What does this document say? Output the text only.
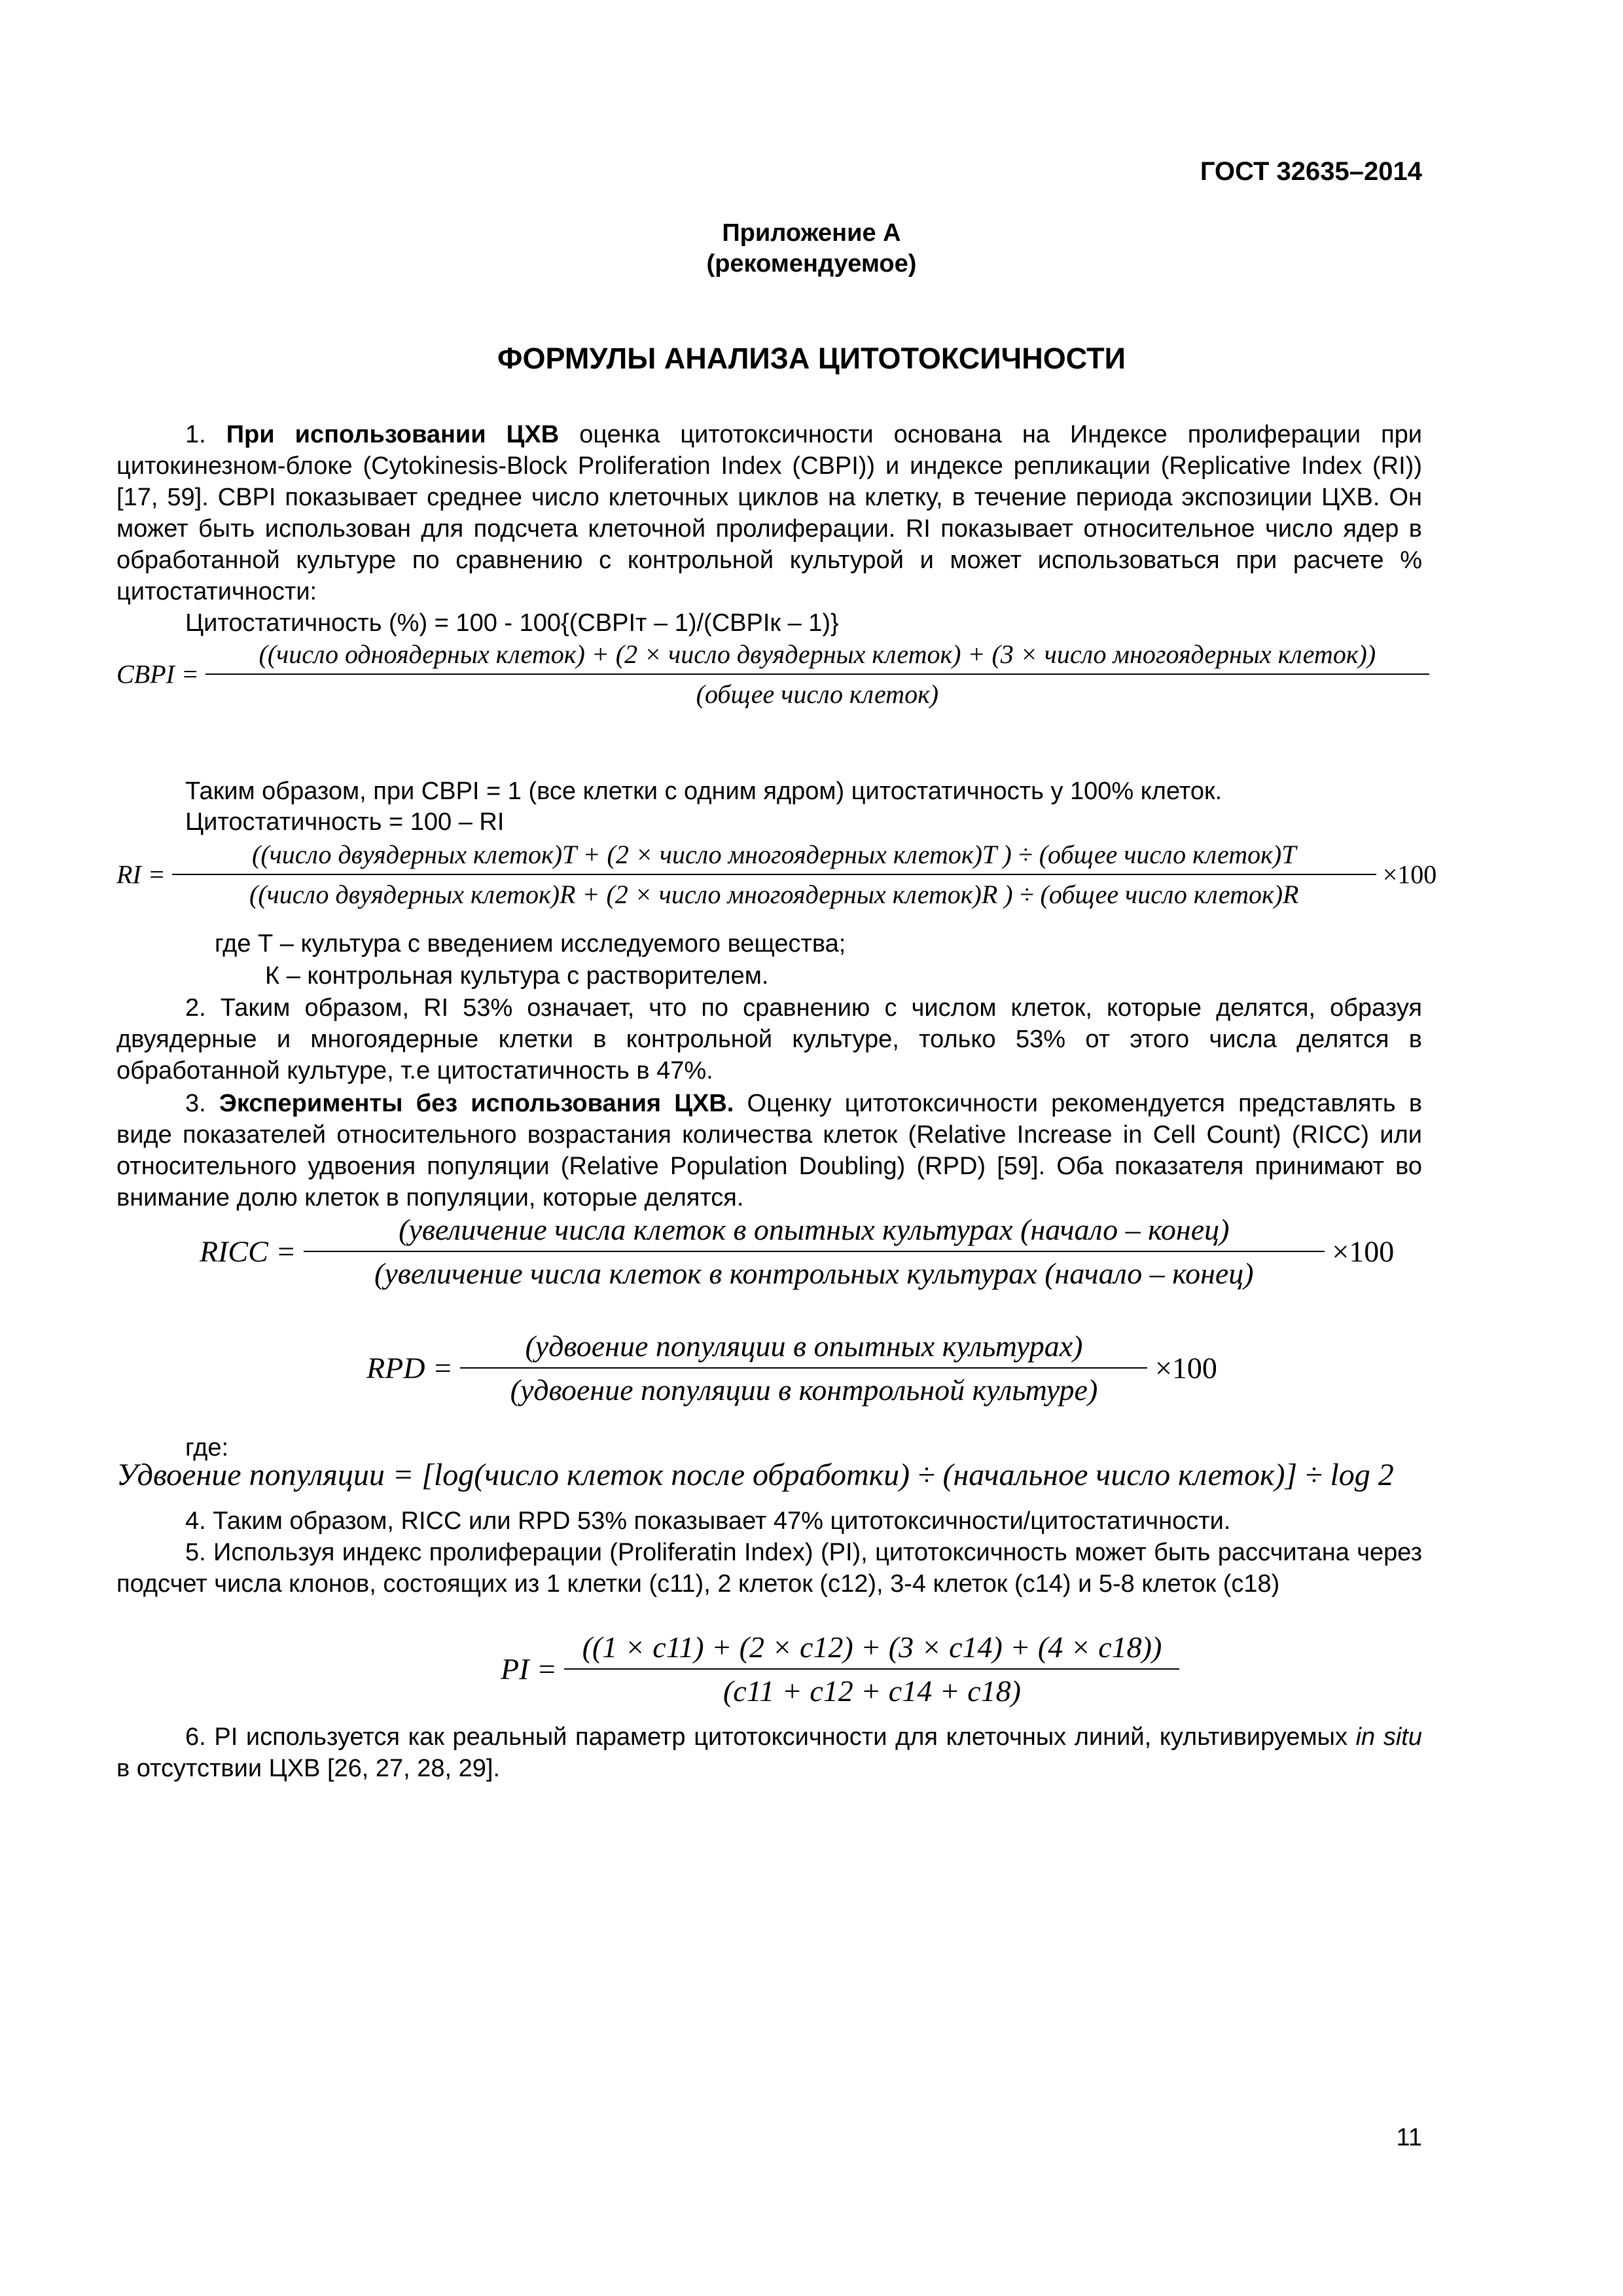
ГОСТ 32635–2014
Приложение А
(рекомендуемое)
ФОРМУЛЫ АНАЛИЗА ЦИТОТОКСИЧНОСТИ
1. При использовании ЦХВ оценка цитотоксичности основана на Индексе пролиферации при цитокинезном-блоке (Cytokinesis-Block Proliferation Index (CBPI)) и индексе репликации (Replicative Index (RI)) [17, 59]. CBPI показывает среднее число клеточных циклов на клетку, в течение периода экспозиции ЦХВ. Он может быть использован для подсчета клеточной пролиферации. RI показывает относительное число ядер в обработанной культуре по сравнению с контрольной культурой и может использоваться при расчете % цитостатичности:
Цитостатичность (%) = 100 - 100{(CBPIт – 1)/(CBPIк – 1)}
CBPI =
((число одноядерных клеток) + (2 × число двуядерных клеток) + (3 × число многоядерных клеток))
(общее число клеток)
Таким образом, при CBPI = 1 (все клетки с одним ядром) цитостатичность у 100% клеток.
Цитостатичность = 100 – RI
RI =
((число двуядерных клеток)T + (2 × число многоядерных клеток)T ) ÷ (общее число клеток)T
((число двуядерных клеток)R + (2 × число многоядерных клеток)R ) ÷ (общее число клеток)R
×100
где Т – культура с введением исследуемого вещества;
К – контрольная культура с растворителем.
2. Таким образом, RI 53% означает, что по сравнению с числом клеток, которые делятся, образуя двуядерные и многоядерные клетки в контрольной культуре, только 53% от этого числа делятся в обработанной культуре, т.е цитостатичность в 47%.
3. Эксперименты без использования ЦХВ. Оценку цитотоксичности рекомендуется представлять в виде показателей относительного возрастания количества клеток (Relative Increase in Cell Count) (RICC) или относительного удвоения популяции (Relative Population Doubling) (RPD) [59]. Оба показателя принимают во внимание долю клеток в популяции, которые делятся.
RICC =
(увеличение числа клеток в опытных культурах (начало – конец)
(увеличение числа клеток в контрольных культурах (начало – конец)
×100
RPD = $\frac{\text{(удвоение популяции в опытных культурах)}}{\text{(удвоение популяции в контрольной культуре)}} \times 100$
где:
Удвоение популяции = [log(число клеток после обработки) ÷ (начальное число клеток)] ÷ log 2
4. Таким образом, RICC или RPD 53% показывает 47% цитотоксичности/цитостатичности.
5. Используя индекс пролиферации (Proliferatin Index) (PI), цитотоксичность может быть рассчитана через подсчет числа клонов, состоящих из 1 клетки (с11), 2 клеток (с12), 3-4 клеток (с14) и 5-8 клеток (с18)
PI = $\frac{((1 \times c11) + (2 \times c12) + (3 \times c14) + (4 \times c18))}{(c11 + c12 + c14 + c18)}$
6. PI используется как реальный параметр цитотоксичности для клеточных линий, культивируемых in situ в отсутствии ЦХВ [26, 27, 28, 29].
11
